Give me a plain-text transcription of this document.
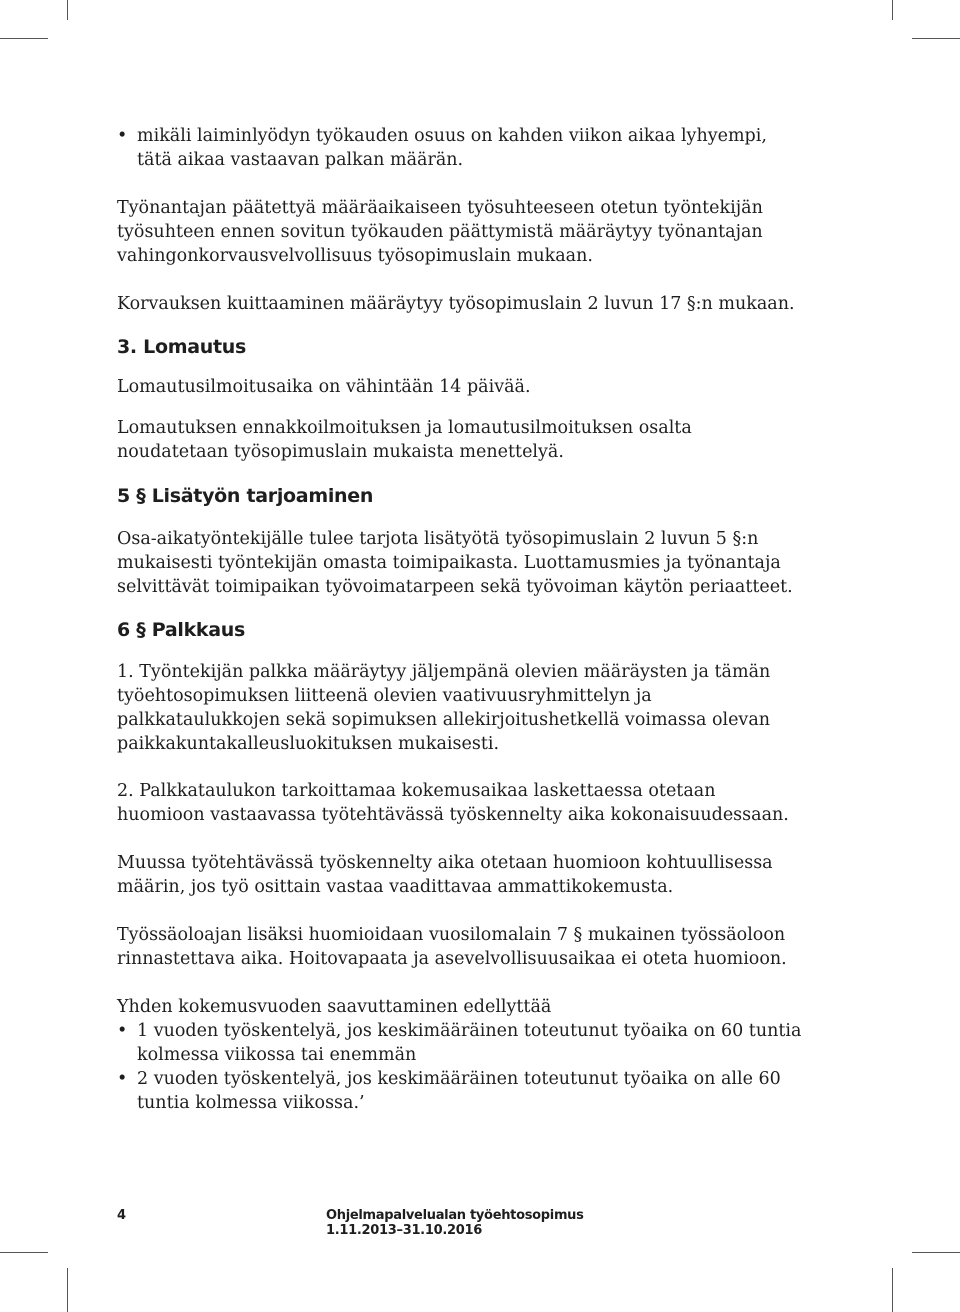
• mikäli laiminlyödyn työkauden osuus on kahden viikon aikaa lyhyempi, tätä aikaa vastaavan palkan määrän.

Työnantajan päätettyä määräaikaiseen työsuhteeseen otetun työntekijän työsuhteen ennen sovitun työkauden päättymistä määräytyy työnantajan vahingonkorvausvelvollisuus työsopimuslain mukaan.

Korvauksen kuittaaminen määräytyy työsopimuslain 2 luvun 17 §:n mukaan.

3. Lomautus

Lomautusilmoitusaika on vähintään 14 päivää.

Lomautuksen ennakkoilmoituksen ja lomautusilmoituksen osalta noudatetaan työsopimuslain mukaista menettelyä.

5 § Lisätyön tarjoaminen

Osa-aikatyöntekijälle tulee tarjota lisätyötä työsopimuslain 2 luvun 5 §:n mukaisesti työntekijän omasta toimipaikasta. Luottamusmies ja työnantaja selvittävät toimipaikan työvoimatarpeen sekä työvoiman käytön periaatteet.

6 § Palkkaus

1. Työntekijän palkka määräytyy jäljempänä olevien määräysten ja tämän työehtosopimuksen liitteenä olevien vaativuusryhmittelyn ja palkkataulukkojen sekä sopimuksen allekirjoitushetkellä voimassa olevan paikkakuntakalleusluokituksen mukaisesti.

2. Palkkataulukon tarkoittamaa kokemusaikaa laskettaessa otetaan huomioon vastaavassa työtehtävässä työskennelty aika kokonaisuudessaan.

Muussa työtehtävässä työskennelty aika otetaan huomioon kohtuullisessa määrin, jos työ osittain vastaa vaadittavaa ammattikokemusta.

Työssäoloajan lisäksi huomioidaan vuosilomalain 7 § mukainen työssäoloon rinnastettava aika. Hoitovapaata ja asevelvollisuusaikaa ei oteta huomioon.

Yhden kokemusvuoden saavuttaminen edellyttää

• 1 vuoden työskentelyä, jos keskimääräinen toteutunut työaika on 60 tuntia kolmessa viikossa tai enemmän
• 2 vuoden työskentelyä, jos keskimääräinen toteutunut työaika on alle 60 tuntia kolmessa viikossa.’
4	Ohjelmapalvelualan työehtosopimus 1.11.2013–31.10.2016
